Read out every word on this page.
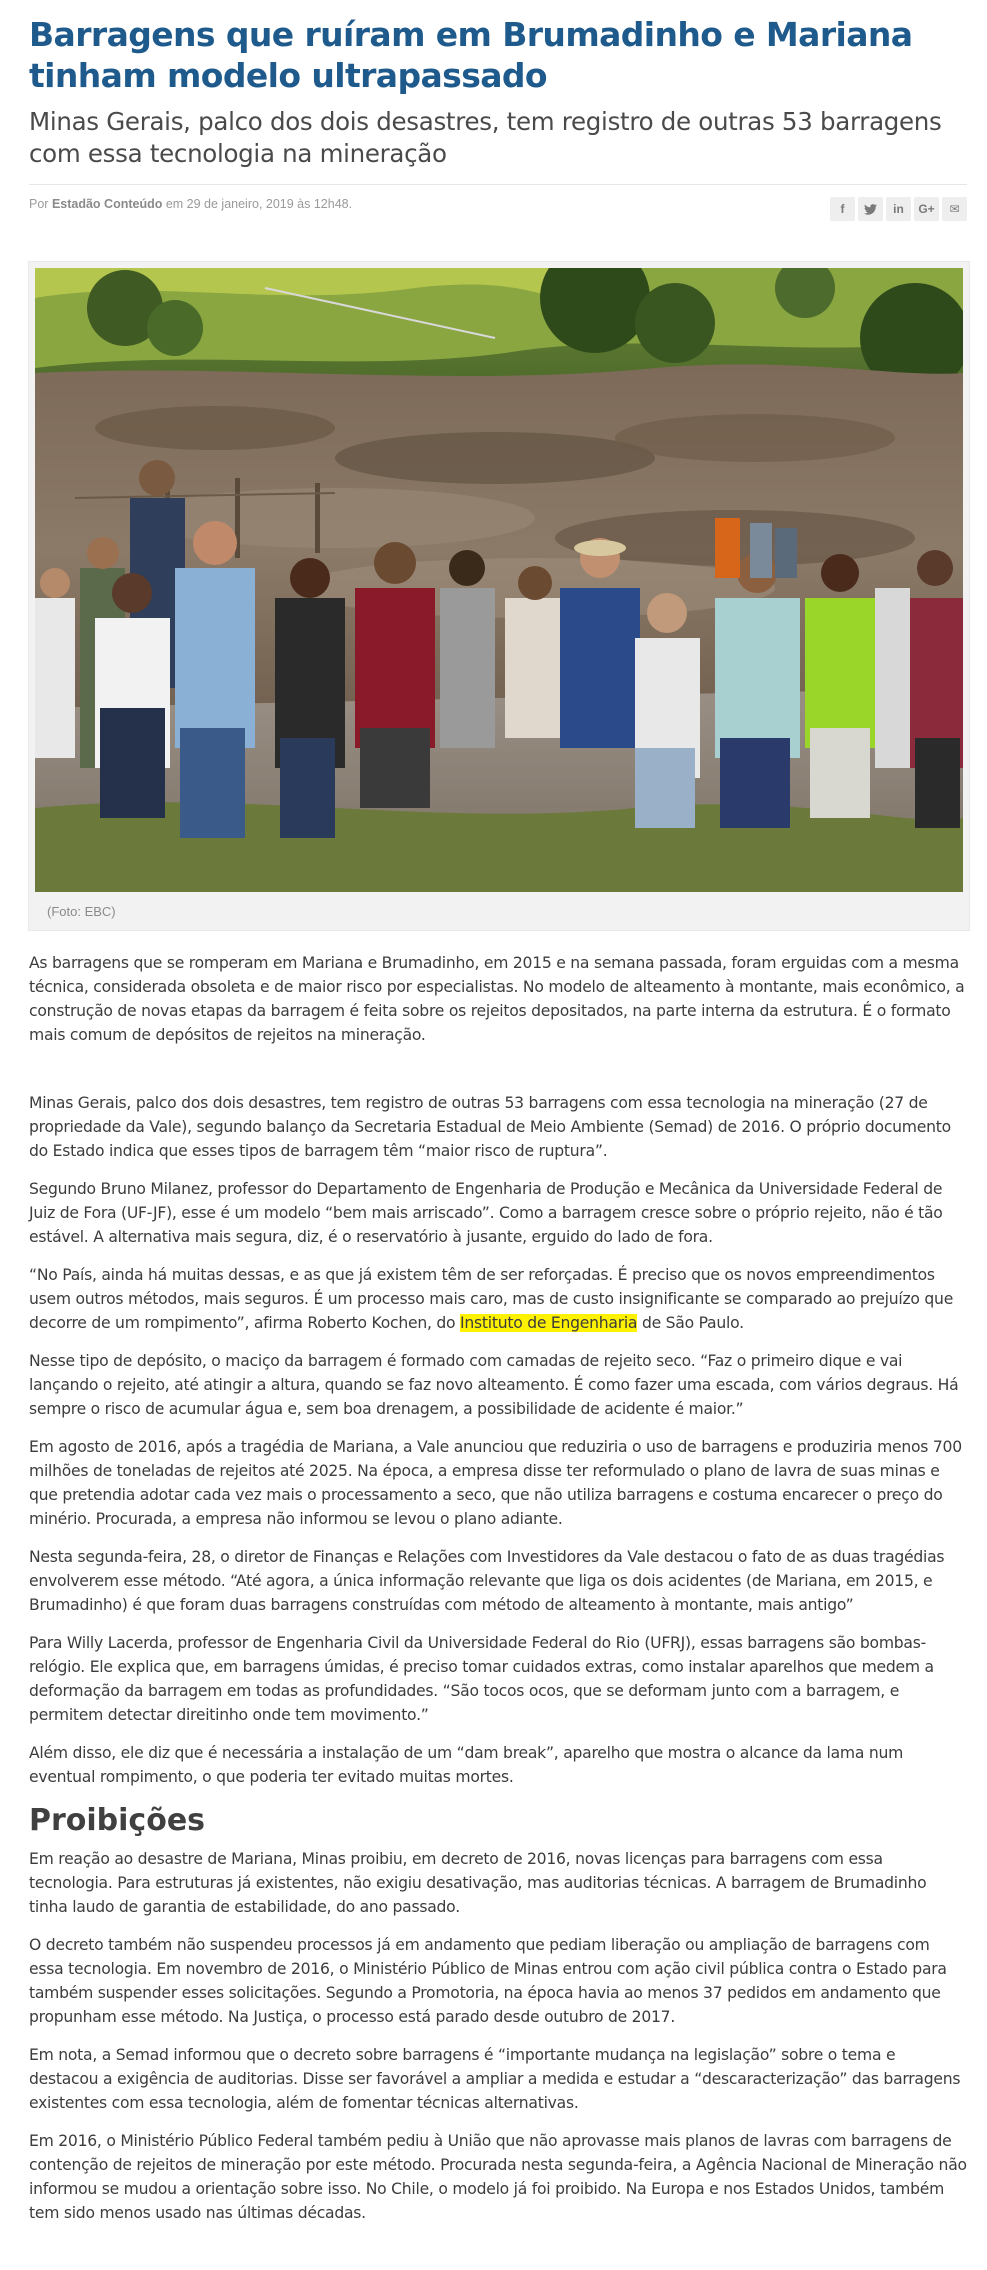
Barragens que ruíram em Brumadinho e Mariana tinham modelo ultrapassado
Minas Gerais, palco dos dois desastres, tem registro de outras 53 barragens com essa tecnologia na mineração
Por Estadão Conteúdo em 29 de janeiro, 2019 às 12h48.	f	in G+ ✉
(Foto: EBC)

As barragens que se romperam em Mariana e Brumadinho, em 2015 e na semana passada, foram erguidas com a mesma técnica, considerada obsoleta e de maior risco por especialistas. No modelo de alteamento à montante, mais econômico, a construção de novas etapas da barragem é feita sobre os rejeitos depositados, na parte interna da estrutura. É o formato mais comum de depósitos de rejeitos na mineração.

Minas Gerais, palco dos dois desastres, tem registro de outras 53 barragens com essa tecnologia na mineração (27 de propriedade da Vale), segundo balanço da Secretaria Estadual de Meio Ambiente (Semad) de 2016. O próprio documento do Estado indica que esses tipos de barragem têm “maior risco de ruptura”.

Segundo Bruno Milanez, professor do Departamento de Engenharia de Produção e Mecânica da Universidade Federal de Juiz de Fora (UF-JF), esse é um modelo “bem mais arriscado”. Como a barragem cresce sobre o próprio rejeito, não é tão estável. A alternativa mais segura, diz, é o reservatório à jusante, erguido do lado de fora.

“No País, ainda há muitas dessas, e as que já existem têm de ser reforçadas. É preciso que os novos empreendimentos usem outros métodos, mais seguros. É um processo mais caro, mas de custo insignificante se comparado ao prejuízo que decorre de um rompimento”, afirma Roberto Kochen, do Instituto de Engenharia de São Paulo.

Nesse tipo de depósito, o maciço da barragem é formado com camadas de rejeito seco. “Faz o primeiro dique e vai lançando o rejeito, até atingir a altura, quando se faz novo alteamento. É como fazer uma escada, com vários degraus. Há sempre o risco de acumular água e, sem boa drenagem, a possibilidade de acidente é maior.”

Em agosto de 2016, após a tragédia de Mariana, a Vale anunciou que reduziria o uso de barragens e produziria menos 700 milhões de toneladas de rejeitos até 2025. Na época, a empresa disse ter reformulado o plano de lavra de suas minas e que pretendia adotar cada vez mais o processamento a seco, que não utiliza barragens e costuma encarecer o preço do minério. Procurada, a empresa não informou se levou o plano adiante.

Nesta segunda-feira, 28, o diretor de Finanças e Relações com Investidores da Vale destacou o fato de as duas tragédias envolverem esse método. “Até agora, a única informação relevante que liga os dois acidentes (de Mariana, em 2015, e Brumadinho) é que foram duas barragens construídas com método de alteamento à montante, mais antigo”

Para Willy Lacerda, professor de Engenharia Civil da Universidade Federal do Rio (UFRJ), essas barragens são bombas-relógio. Ele explica que, em barragens úmidas, é preciso tomar cuidados extras, como instalar aparelhos que medem a deformação da barragem em todas as profundidades. “São tocos ocos, que se deformam junto com a barragem, e permitem detectar direitinho onde tem movimento.”

Além disso, ele diz que é necessária a instalação de um “dam break”, aparelho que mostra o alcance da lama num eventual rompimento, o que poderia ter evitado muitas mortes.

Proibições

Em reação ao desastre de Mariana, Minas proibiu, em decreto de 2016, novas licenças para barragens com essa tecnologia. Para estruturas já existentes, não exigiu desativação, mas auditorias técnicas. A barragem de Brumadinho tinha laudo de garantia de estabilidade, do ano passado.

O decreto também não suspendeu processos já em andamento que pediam liberação ou ampliação de barragens com essa tecnologia. Em novembro de 2016, o Ministério Público de Minas entrou com ação civil pública contra o Estado para também suspender esses solicitações. Segundo a Promotoria, na época havia ao menos 37 pedidos em andamento que propunham esse método. Na Justiça, o processo está parado desde outubro de 2017.

Em nota, a Semad informou que o decreto sobre barragens é “importante mudança na legislação” sobre o tema e destacou a exigência de auditorias. Disse ser favorável a ampliar a medida e estudar a “descaracterização” das barragens existentes com essa tecnologia, além de fomentar técnicas alternativas.

Em 2016, o Ministério Público Federal também pediu à União que não aprovasse mais planos de lavras com barragens de contenção de rejeitos de mineração por este método. Procurada nesta segunda-feira, a Agência Nacional de Mineração não informou se mudou a orientação sobre isso. No Chile, o modelo já foi proibido. Na Europa e nos Estados Unidos, também tem sido menos usado nas últimas décadas.
